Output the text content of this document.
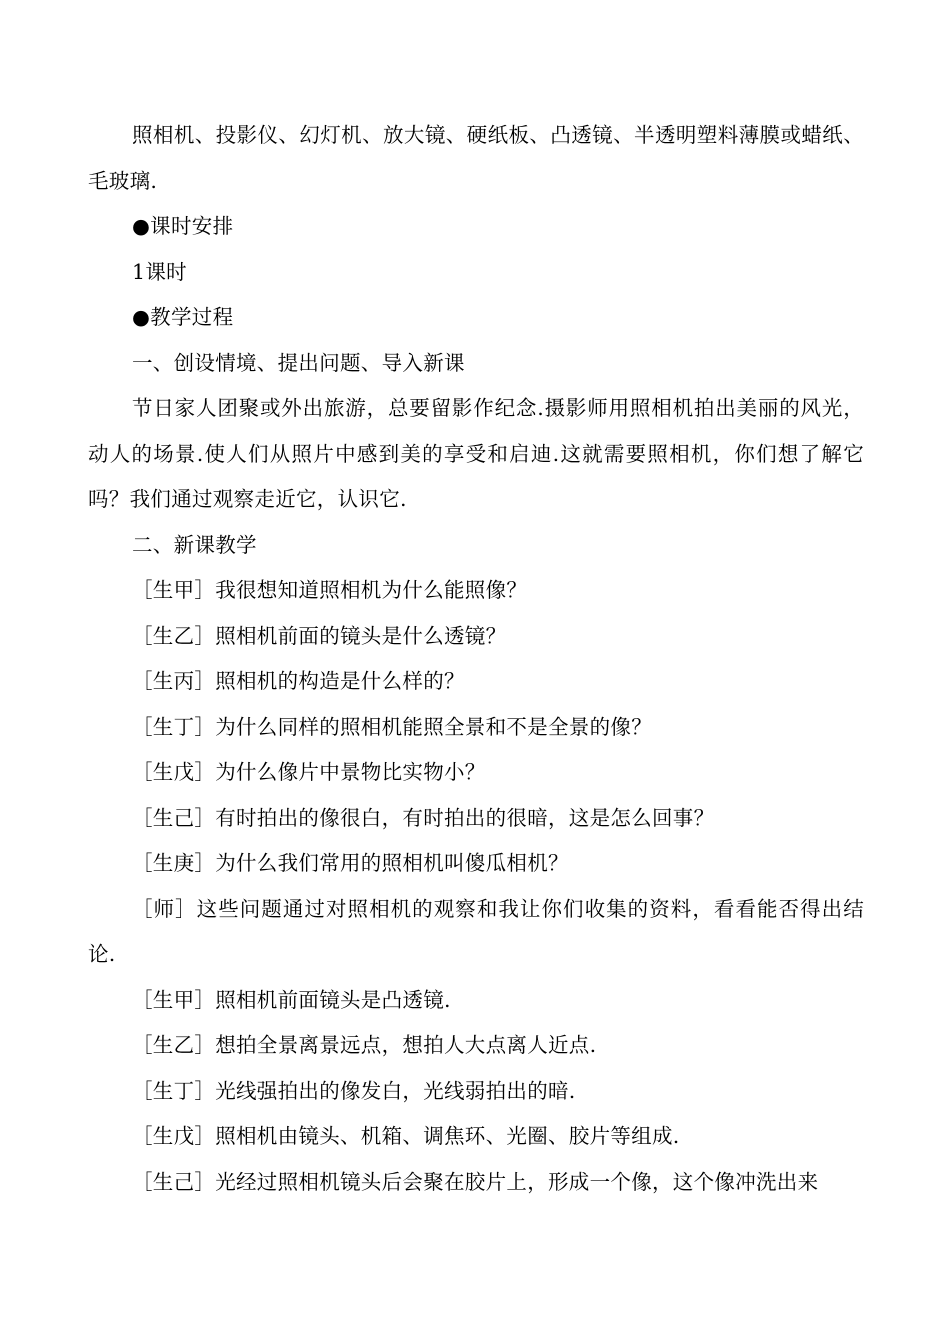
照相机、投影仪、幻灯机、放大镜、硬纸板、凸透镜、半透明塑料薄膜或蜡纸、毛玻璃.

●课时安排

1课时

●教学过程

一、创设情境、提出问题、导入新课

节日家人团聚或外出旅游，总要留影作纪念.摄影师用照相机拍出美丽的风光，动人的场景.使人们从照片中感到美的享受和启迪.这就需要照相机，你们想了解它吗？我们通过观察走近它，认识它.

二、新课教学

［生甲］我很想知道照相机为什么能照像？

［生乙］照相机前面的镜头是什么透镜？

［生丙］照相机的构造是什么样的？

［生丁］为什么同样的照相机能照全景和不是全景的像？

［生戊］为什么像片中景物比实物小？

［生己］有时拍出的像很白，有时拍出的很暗，这是怎么回事？

［生庚］为什么我们常用的照相机叫傻瓜相机？

［师］这些问题通过对照相机的观察和我让你们收集的资料，看看能否得出结论.

［生甲］照相机前面镜头是凸透镜.

［生乙］想拍全景离景远点，想拍人大点离人近点.

［生丁］光线强拍出的像发白，光线弱拍出的暗.

［生戊］照相机由镜头、机箱、调焦环、光圈、胶片等组成.

［生己］光经过照相机镜头后会聚在胶片上，形成一个像，这个像冲洗出来
